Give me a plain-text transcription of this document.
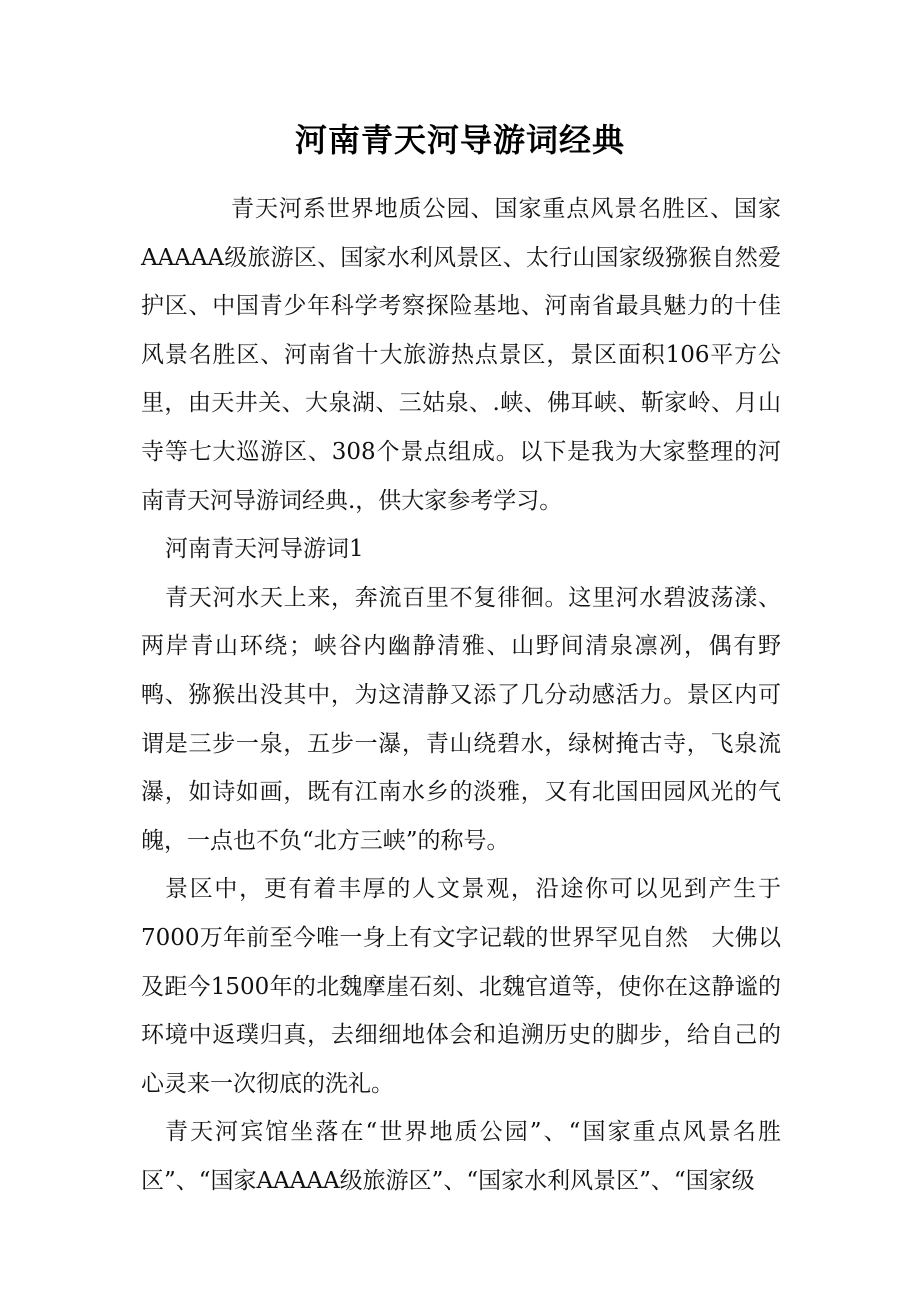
河南青天河导游词经典

青天河系世界地质公园、国家重点风景名胜区、国家AAAAA级旅游区、国家水利风景区、太行山国家级猕猴自然爱护区、中国青少年科学考察探险基地、河南省最具魅力的十佳风景名胜区、河南省十大旅游热点景区，景区面积106平方公里，由天井关、大泉湖、三姑泉、.峡、佛耳峡、靳家岭、月山寺等七大巡游区、308个景点组成。以下是我为大家整理的河南青天河导游词经典.，供大家参考学习。

河南青天河导游词1

青天河水天上来，奔流百里不复徘徊。这里河水碧波荡漾、两岸青山环绕；峡谷内幽静清雅、山野间清泉凛冽，偶有野鸭、猕猴出没其中，为这清静又添了几分动感活力。景区内可谓是三步一泉，五步一瀑，青山绕碧水，绿树掩古寺，飞泉流瀑，如诗如画，既有江南水乡的淡雅，又有北国田园风光的气魄，一点也不负“北方三峡”的称号。

景区中，更有着丰厚的人文景观，沿途你可以见到产生于7000万年前至今唯一身上有文字记载的世界罕见自然　大佛以及距今1500年的北魏摩崖石刻、北魏官道等，使你在这静谧的环境中返璞归真，去细细地体会和追溯历史的脚步，给自己的心灵来一次彻底的洗礼。

青天河宾馆坐落在“世界地质公园”、“国家重点风景名胜区”、“国家AAAAA级旅游区”、“国家水利风景区”、“国家级
